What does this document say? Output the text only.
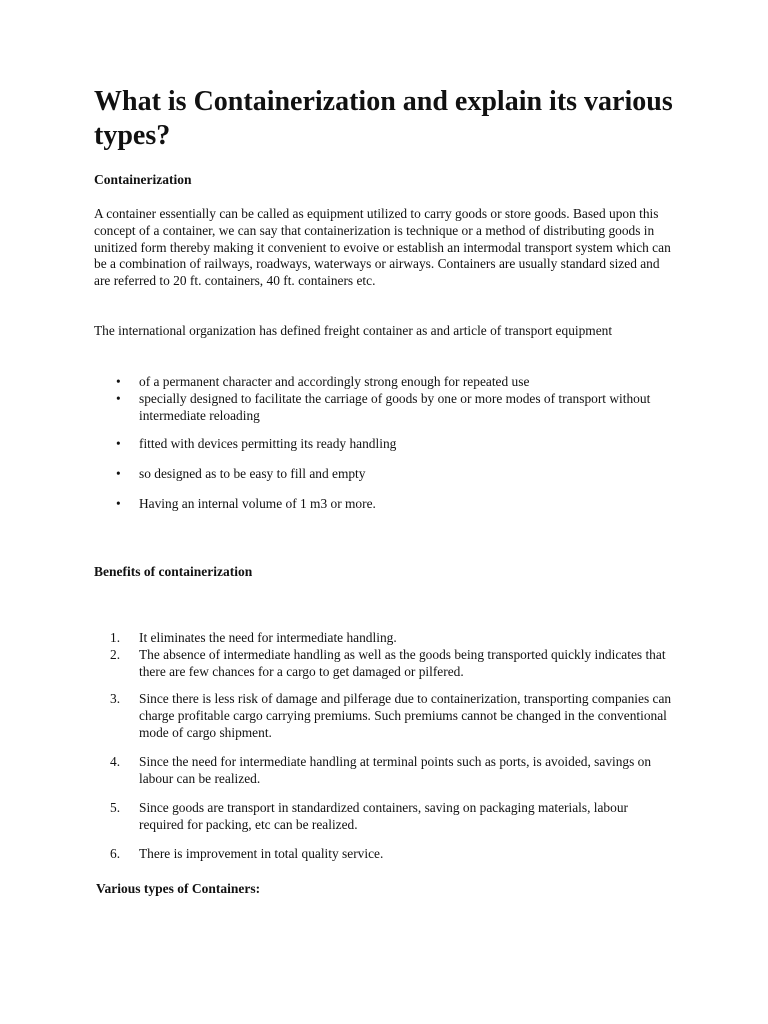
What is Containerization and explain its various types?

Containerization

A container essentially can be called as equipment utilized to carry goods or store goods. Based upon this concept of a container, we can say that containerization is technique or a method of distributing goods in unitized form thereby making it convenient to evoive or establish an intermodal transport system which can be a combination of railways, roadways, waterways or airways. Containers are usually standard sized and are referred to 20 ft. containers, 40 ft. containers etc.

The international organization has defined freight container as and article of transport equipment

• of a permanent character and accordingly strong enough for repeated use
• specially designed to facilitate the carriage of goods by one or more modes of transport without intermediate reloading
• fitted with devices permitting its ready handling
• so designed as to be easy to fill and empty
• Having an internal volume of 1 m3 or more.

Benefits of containerization

1.	It eliminates the need for intermediate handling.
2.	The absence of intermediate handling as well as the goods being transported quickly indicates that there are few chances for a cargo to get damaged or pilfered.
3.	Since there is less risk of damage and pilferage due to containerization, transporting companies can charge profitable cargo carrying premiums. Such premiums cannot be changed in the conventional mode of cargo shipment.
4.	Since the need for intermediate handling at terminal points such as ports, is avoided, savings on labour can be realized.
5.	Since goods are transport in standardized containers, saving on packaging materials, labour required for packing, etc can be realized.
6.	There is improvement in total quality service.

Various types of Containers:
